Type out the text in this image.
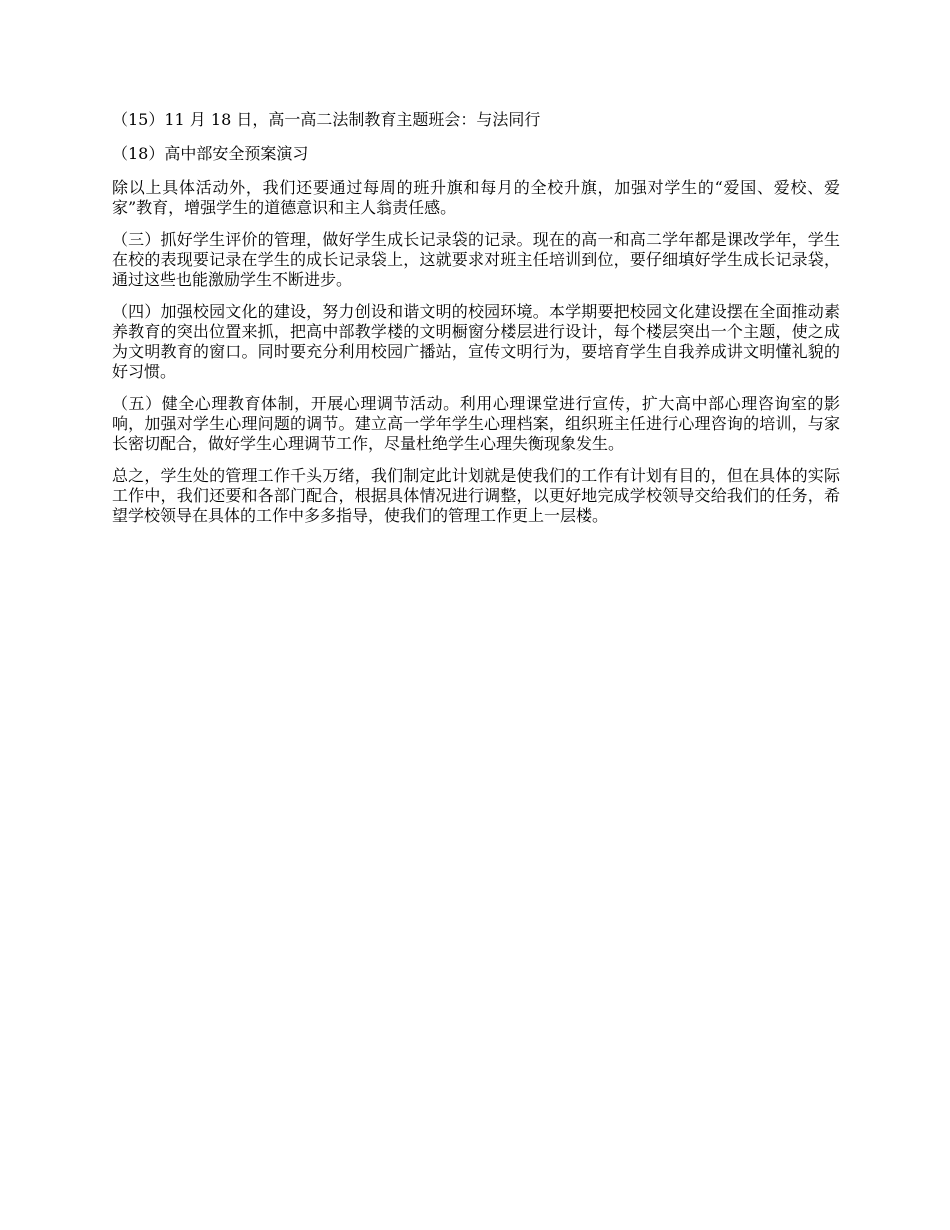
（15）11 月 18 日，高一高二法制教育主题班会：与法同行

（18）高中部安全预案演习

除以上具体活动外，我们还要通过每周的班升旗和每月的全校升旗，加强对学生的“爱国、爱校、爱家”教育，增强学生的道德意识和主人翁责任感。

（三）抓好学生评价的管理，做好学生成长记录袋的记录。现在的高一和高二学年都是课改学年，学生在校的表现要记录在学生的成长记录袋上，这就要求对班主任培训到位，要仔细填好学生成长记录袋，通过这些也能激励学生不断进步。

（四）加强校园文化的建设，努力创设和谐文明的校园环境。本学期要把校园文化建设摆在全面推动素养教育的突出位置来抓，把高中部教学楼的文明橱窗分楼层进行设计，每个楼层突出一个主题，使之成为文明教育的窗口。同时要充分利用校园广播站，宣传文明行为，要培育学生自我养成讲文明懂礼貌的好习惯。

（五）健全心理教育体制，开展心理调节活动。利用心理课堂进行宣传，扩大高中部心理咨询室的影响，加强对学生心理问题的调节。建立高一学年学生心理档案，组织班主任进行心理咨询的培训，与家长密切配合，做好学生心理调节工作，尽量杜绝学生心理失衡现象发生。

总之，学生处的管理工作千头万绪，我们制定此计划就是使我们的工作有计划有目的，但在具体的实际工作中，我们还要和各部门配合，根据具体情况进行调整，以更好地完成学校领导交给我们的任务，希望学校领导在具体的工作中多多指导，使我们的管理工作更上一层楼。
